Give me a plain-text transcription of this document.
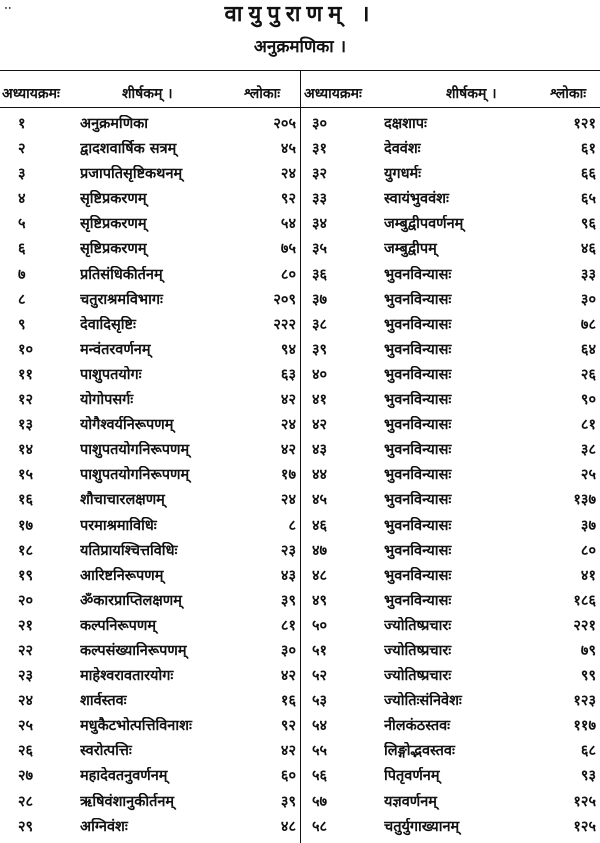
ॱॱ	वायुपुराणम् ।
अनुक्रमणिका ।
अध्यायक्रमः	शीर्षकम् ।	श्लोकाः अध्यायक्रमः	शीर्षकम् ।	श्लोकाः
१	अनुक्रमणिका	२०५ ३०	दक्षशापः	१२१
२	द्वादशवार्षिक सत्रम्	४५ ३१	देववंशः	६१
३	प्रजापतिसृष्टिकथनम्	२४ ३२	युगधर्मः	६६
४	सृष्टिप्रकरणम्	९२ ३३	स्वायंभुववंशः	६५
५	सृष्टिप्रकरणम्	५४ ३४	जम्बुद्वीपवर्णनम्	९६
६	सृष्टिप्रकरणम्	७५ ३५	जम्बुद्वीपम्	४६
७	प्रतिसंधिकीर्तनम्	८० ३६	भुवनविन्यासः	३३
८	चतुराश्रमविभागः	२०९ ३७	भुवनविन्यासः	३०
९	देवादिसृष्टिः	२२२ ३८	भुवनविन्यासः	७८
१०	मन्वंतरवर्णनम्	९४ ३९	भुवनविन्यासः	६४
११	पाशुपतयोगः	६३ ४०	भुवनविन्यासः	२६
१२	योगोपसर्गः	४२ ४१	भुवनविन्यासः	९०
१३	योगैश्वर्यनिरूपणम्	२४ ४२	भुवनविन्यासः	८१
१४	पाशुपतयोगनिरूपणम्	४२ ४३	भुवनविन्यासः	३८
१५	पाशुपतयोगनिरूपणम्	१७ ४४	भुवनविन्यासः	२५
१६	शौचाचारलक्षणम्	२४ ४५	भुवनविन्यासः	१३७
१७	परमाश्रमाविधिः	८ ४६	भुवनविन्यासः	३७
१८	यतिप्रायश्चित्तविधिः	२३ ४७	भुवनविन्यासः	८०
१९	आरिष्टनिरूपणम्	४३ ४८	भुवनविन्यासः	४१
२०	ॐकारप्राप्तिलक्षणम्	३९ ४९	भुवनविन्यासः	१८६
२१	कल्पनिरूपणम्	८१ ५०	ज्योतिष्प्रचारः	२२१
२२	कल्पसंख्यानिरूपणम्	३० ५१	ज्योतिष्प्रचारः	७९
२३	माहेश्वरावतारयोगः	४२ ५२	ज्योतिष्प्रचारः	९९
२४	शार्वस्तवः	१६ ५३	ज्योतिःसंनिवेशः	१२३
२५	मधुकैटभोत्पत्तिविनाशः	९२ ५४	नीलकंठस्तवः	११७
२६	स्वरोत्पत्तिः	४२ ५५	लिङ्गोद्भवस्तवः	६८
२७	महादेवतनुवर्णनम्	६० ५६	पितृवर्णनम्	९३
२८	ऋषिवंशानुकीर्तनम्	३९ ५७	यज्ञवर्णनम्	१२५
२९	अग्निवंशः	४८ ५८	चतुर्युगाख्यानम्	१२५
